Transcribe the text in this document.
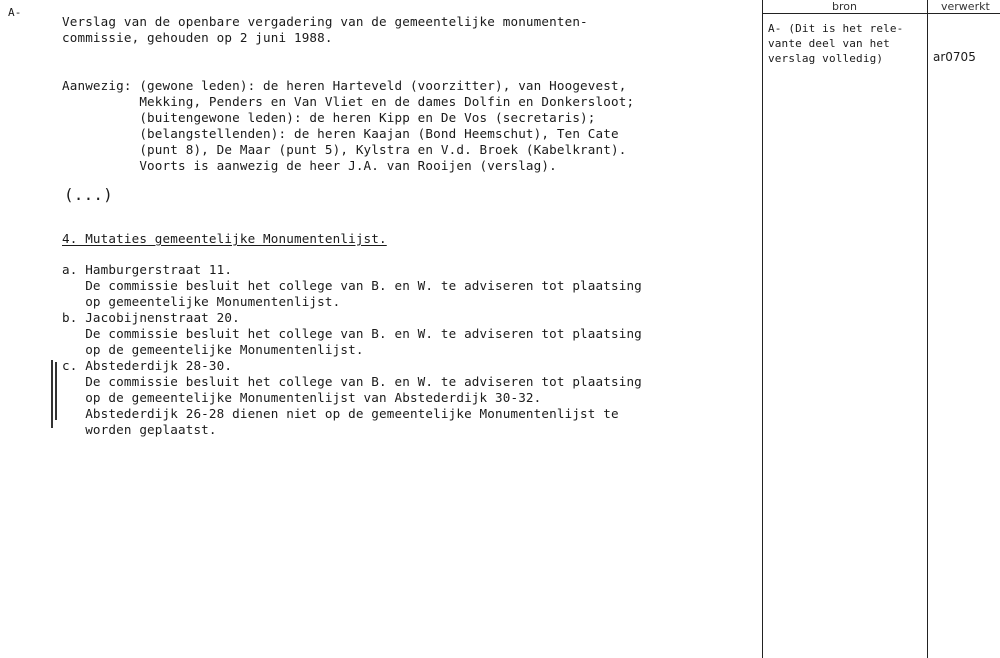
A-
Verslag van de openbare vergadering van de gemeentelijke monumenten-
commissie, gehouden op 2 juni 1988.
Aanwezig: (gewone leden): de heren Harteveld (voorzitter), van Hoogevest,
Mekking, Penders en Van Vliet en de dames Dolfin en Donkersloot;
(buitengewone leden): de heren Kipp en De Vos (secretaris);
(belangstellenden): de heren Kaajan (Bond Heemschut), Ten Cate
(punt 8), De Maar (punt 5), Kylstra en V.d. Broek (Kabelkrant).
Voorts is aanwezig de heer J.A. van Rooijen (verslag).
(...)
4. Mutaties gemeentelijke Monumentenlijst.
a. Hamburgerstraat 11.
De commissie besluit het college van B. en W. te adviseren tot plaatsing
op gemeentelijke Monumentenlijst.
b. Jacobijnenstraat 20.
De commissie besluit het college van B. en W. te adviseren tot plaatsing
op de gemeentelijke Monumentenlijst.
c. Abstederdijk 28-30.
De commissie besluit het college van B. en W. te adviseren tot plaatsing
op de gemeentelijke Monumentenlijst van Abstederdijk 30-32.
Abstederdijk 26-28 dienen niet op de gemeentelijke Monumentenlijst te
worden geplaatst.
bron	verwerkt
A- (Dit is het rele-
vante deel van het
verslag volledig)	ar0705
